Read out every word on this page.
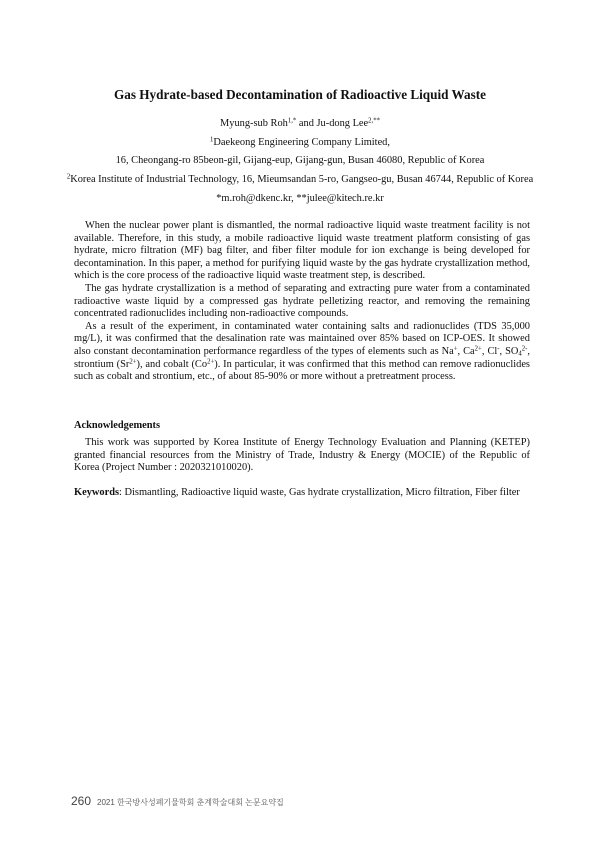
Gas Hydrate-based Decontamination of Radioactive Liquid Waste
Myung-sub Roh$^{1,*}$ and Ju-dong Lee$^{2,**}$
$^1$Daekeong Engineering Company Limited,
16, Cheongang-ro 85beon-gil, Gijang-eup, Gijang-gun, Busan 46080, Republic of Korea
$^2$Korea Institute of Industrial Technology, 16, Mieumsandan 5-ro, Gangseo-gu, Busan 46744, Republic of Korea
*m.roh@dkenc.kr, **julee@kitech.re.kr

When the nuclear power plant is dismantled, the normal radioactive liquid waste treatment facility is not available. Therefore, in this study, a mobile radioactive liquid waste treatment platform consisting of gas hydrate, micro filtration (MF) bag filter, and fiber filter module for ion exchange is being developed for decontamination. In this paper, a method for purifying liquid waste by the gas hydrate crystallization method, which is the core process of the radioactive liquid waste treatment step, is described.

The gas hydrate crystallization is a method of separating and extracting pure water from a contaminated radioactive waste liquid by a compressed gas hydrate pelletizing reactor, and removing the remaining concentrated radionuclides including non-radioactive compounds.

As a result of the experiment, in contaminated water containing salts and radionuclides (TDS 35,000 mg/L), it was confirmed that the desalination rate was maintained over 85% based on ICP-OES. It showed also constant decontamination performance regardless of the types of elements such as Na+, $Ca^{2+}$, Cl-, $SO_4^{2-}$, strontium $(Sr^{2+})$, and cobalt $(Co^{2+})$. In particular, it was confirmed that this method can remove radionuclides such as cobalt and strontium, etc., of about 85-90% or more without a pretreatment process.

Acknowledgements

This work was supported by Korea Institute of Energy Technology Evaluation and Planning (KETEP) granted financial resources from the Ministry of Trade, Industry & Energy (MOCIE) of the Republic of Korea (Project Number : 2020321010020).

Keywords: Dismantling, Radioactive liquid waste, Gas hydrate crystallization, Micro filtration, Fiber filter
260 2021 한국방사성폐기물학회 춘계학술대회 논문요약집
